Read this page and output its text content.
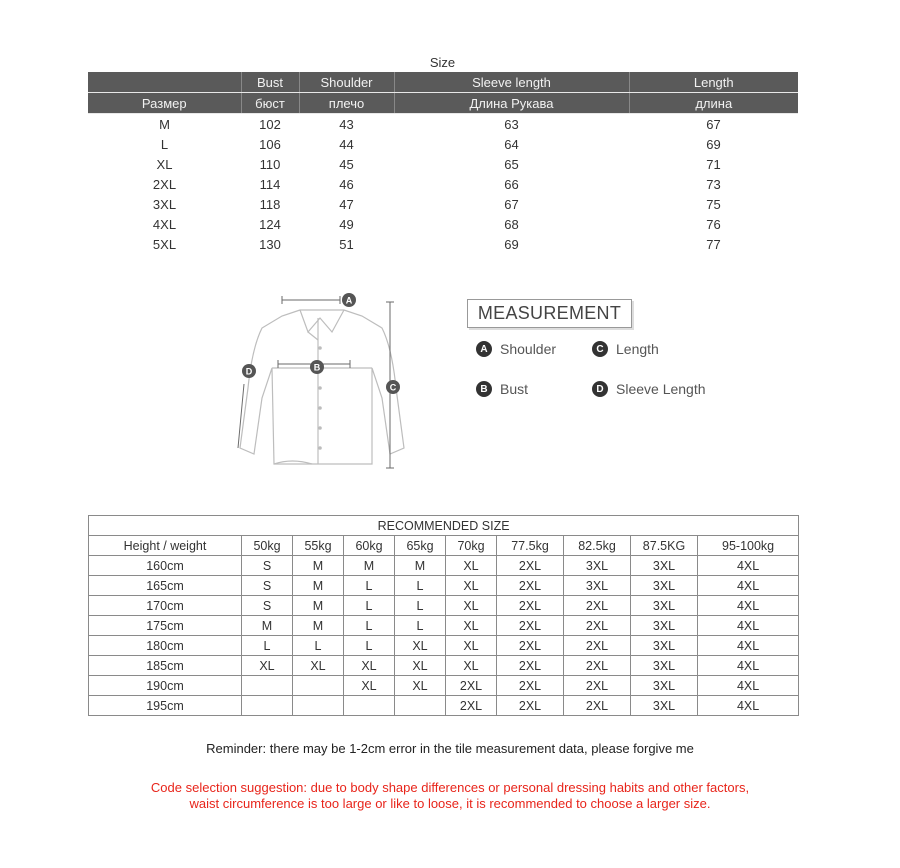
Size
	Bust	Shoulder	Sleeve length	Length
Размер	бюст	плечо	Длина Рукава	длина
M	102	43	63	67
L	106	44	64	69
XL	110	45	65	71
2XL	114	46	66	73
3XL	118	47	67	75
4XL	124	49	68	76
5XL	130	51	69	77
A
B
C
D
MEASUREMENT
A Shoulder	C Length
B Bust	D Sleeve Length
RECOMMENDED SIZE									
Height / weight	50kg	55kg	60kg	65kg	70kg	77.5kg	82.5kg	87.5KG	95-100kg
160cm	S	M	M	M	XL	2XL	3XL	3XL	4XL
165cm	S	M	L	L	XL	2XL	3XL	3XL	4XL
170cm	S	M	L	L	XL	2XL	2XL	3XL	4XL
175cm	M	M	L	L	XL	2XL	2XL	3XL	4XL
180cm	L	L	L	XL	XL	2XL	2XL	3XL	4XL
185cm	XL	XL	XL	XL	XL	2XL	2XL	3XL	4XL
190cm			XL	XL	2XL	2XL	2XL	3XL	4XL
195cm					2XL	2XL	2XL	3XL	4XL
Reminder: there may be 1-2cm error in the tile measurement data, please forgive me
Code selection suggestion: due to body shape differences or personal dressing habits and other factors, waist circumference is too large or like to loose, it is recommended to choose a larger size.
